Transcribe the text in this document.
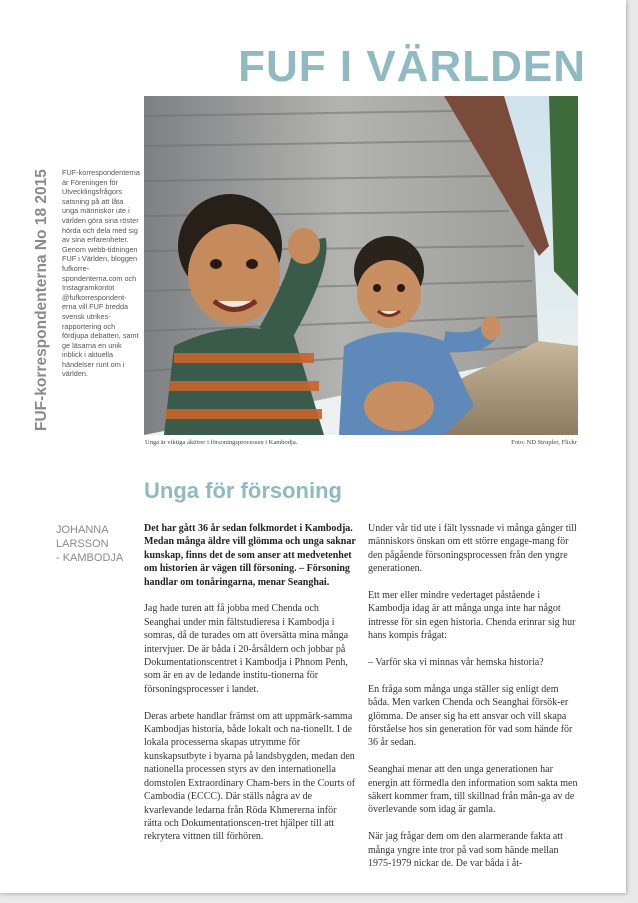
FUF I VÄRLDEN
FUF-korrespondenterna No 18 2015 FUF-korrespondenterna är Föreningen för Utvecklingsfrågors satsning på att låta unga människor ute i världen göra sina röster hörda och dela med sig av sina erfarenheter. Genom webb-tidningen FUF i Världen, bloggen fufkorre-spondenterna.com och Instagramkontot @fufkorrespondent-erna vill FUF bredda svensk utrikes-rapportering och fördjupa debatten, samt ge läsarna en unik inblick i aktuella händelser runt om i världen.
Unga är viktiga aktörer i försoningsprocessen i Kambodja.	Foto: ND Strupler, Flickr
Unga för försoning
JOHANNA
LARSSON
- KAMBODJA

Det har gått 36 år sedan folkmordet i Kambodja. Medan många äldre vill glömma och unga saknar kunskap, finns det de som anser att medvetenhet om historien är vägen till försoning. – Försoning handlar om tonåringarna, menar Seanghai.

Jag hade turen att få jobba med Chenda och Seanghai under min fältstudieresa i Kambodja i somras, då de turades om att översätta mina många intervjuer. De är båda i 20-årsåldern och jobbar på Dokumentationscentret i Kambodja i Phnom Penh, som är en av de ledande institu-tionerna för försoningsprocesser i landet.

Deras arbete handlar främst om att uppmärk-samma Kambodjas historia, både lokalt och na-tionellt. I de lokala processerna skapas utrymme för kunskapsutbyte i byarna på landsbygden, medan den nationella processen styrs av den internationella domstolen Extraordinary Cham-bers in the Courts of Cambodia (ECCC). Där ställs några av de kvarlevande ledarna från Röda Khmererna inför rätta och Dokumentationscen-tret hjälper till att rekrytera vittnen till förhören.

Under vår tid ute i fält lyssnade vi många gånger till människors önskan om ett större engage-mang för den pågående försoningsprocessen från den yngre generationen.

Ett mer eller mindre vedertaget påstående i Kambodja idag är att många unga inte har något intresse för sin egen historia. Chenda erinrar sig hur hans kompis frågat:

– Varför ska vi minnas vår hemska historia?

En fråga som många unga ställer sig enligt dem båda. Men varken Chenda och Seanghai försök-er glömma. De anser sig ha ett ansvar och vill skapa förståelse hos sin generation för vad som hände för 36 år sedan.

Seanghai menar att den unga generationen har energin att förmedla den information som sakta men säkert kommer fram, till skillnad från mån-ga av de överlevande som idag är gamla.

När jag frågar dem om den alarmerande fakta att många yngre inte tror på vad som hände mellan 1975-1979 nickar de. De var båda i åt-
